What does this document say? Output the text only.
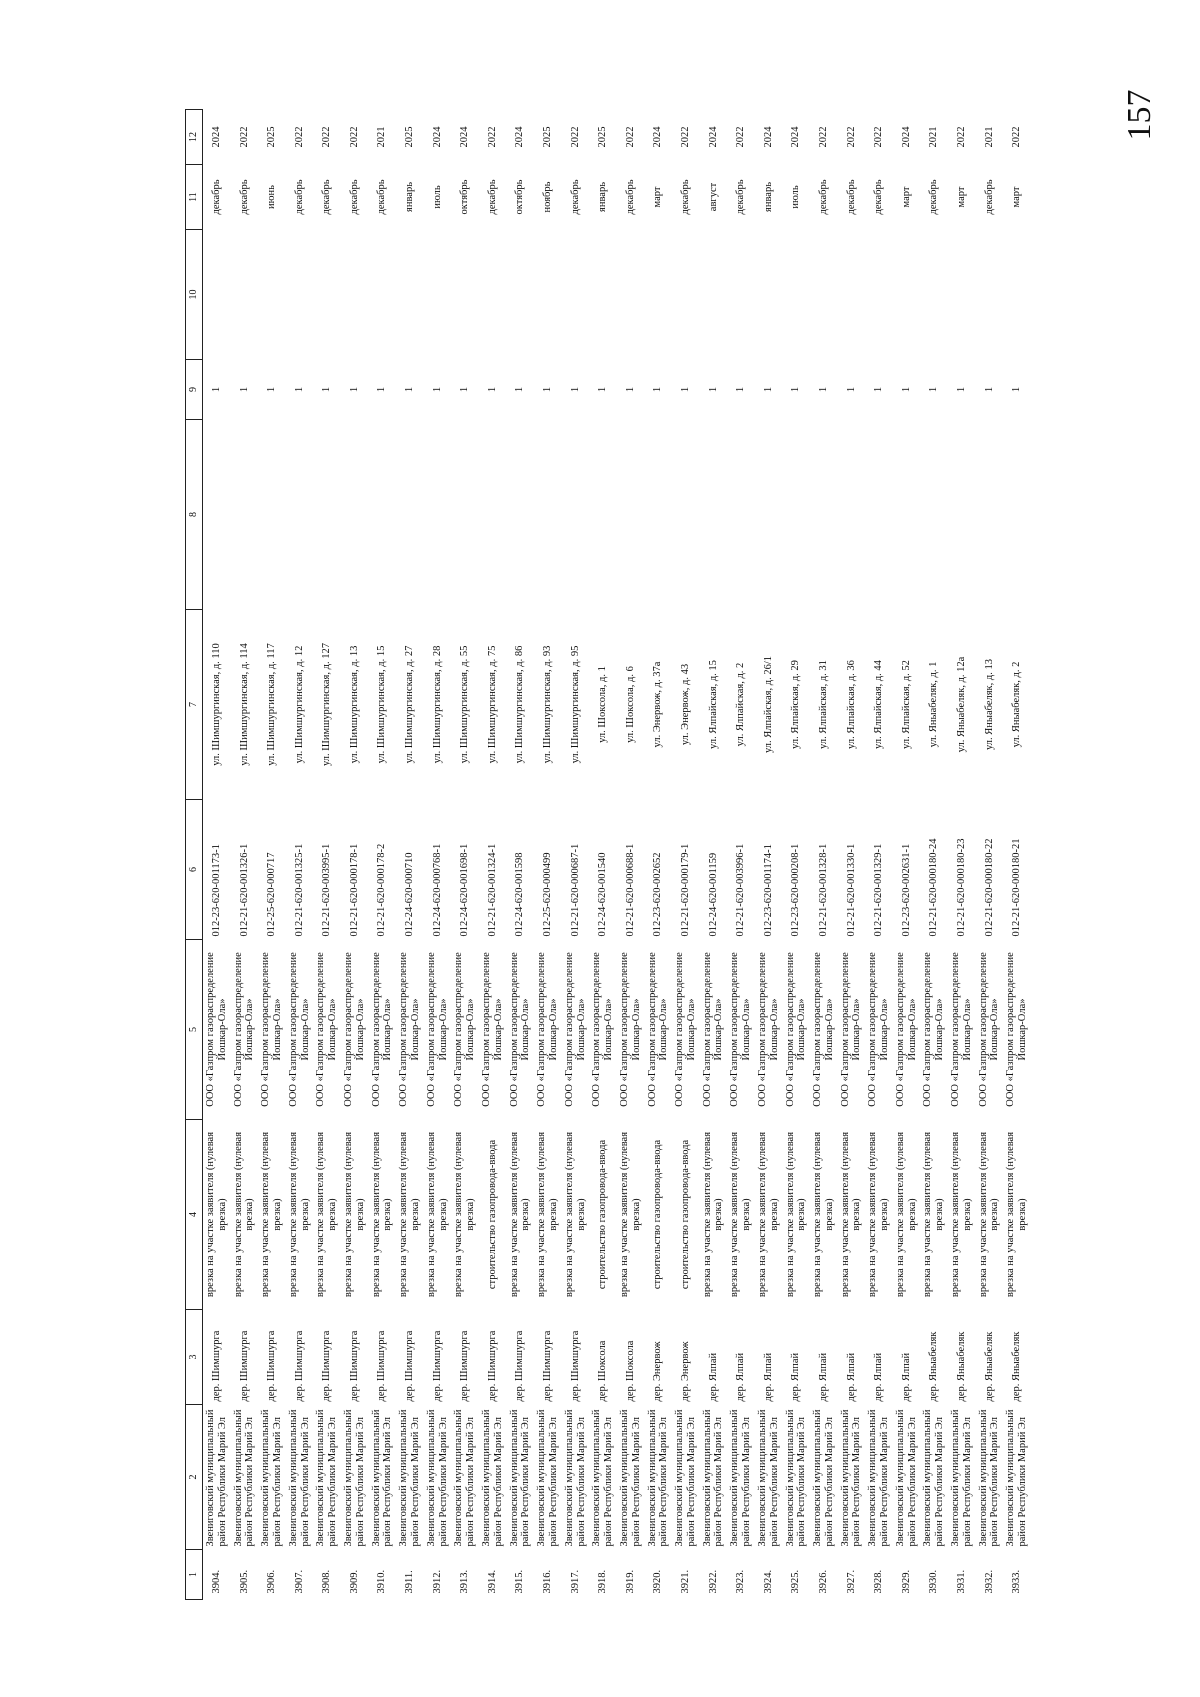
157
1	2	3	4	5	6	7	8	9	10	11	12
3904.	Звениговский муниципальный район Республики Марий Эл	дер. Шимшурга	врезка на участке заявителя (нулевая врезка)	ООО «Газпром газораспределение Йошкар-Ола»	012-23-620-001173-1	ул. Шимшургинская, д. 110		1		декабрь	2024
3905.	Звениговский муниципальный район Республики Марий Эл	дер. Шимшурга	врезка на участке заявителя (нулевая врезка)	ООО «Газпром газораспределение Йошкар-Ола»	012-21-620-001326-1	ул. Шимшургинская, д. 114		1		декабрь	2022
3906.	Звениговский муниципальный район Республики Марий Эл	дер. Шимшурга	врезка на участке заявителя (нулевая врезка)	ООО «Газпром газораспределение Йошкар-Ола»	012-25-620-000717	ул. Шимшургинская, д. 117		1		июнь	2025
3907.	Звениговский муниципальный район Республики Марий Эл	дер. Шимшурга	врезка на участке заявителя (нулевая врезка)	ООО «Газпром газораспределение Йошкар-Ола»	012-21-620-001325-1	ул. Шимшургинская, д. 12		1		декабрь	2022
3908.	Звениговский муниципальный район Республики Марий Эл	дер. Шимшурга	врезка на участке заявителя (нулевая врезка)	ООО «Газпром газораспределение Йошкар-Ола»	012-21-620-003995-1	ул. Шимшургинская, д. 127		1		декабрь	2022
3909.	Звениговский муниципальный район Республики Марий Эл	дер. Шимшурга	врезка на участке заявителя (нулевая врезка)	ООО «Газпром газораспределение Йошкар-Ола»	012-21-620-000178-1	ул. Шимшургинская, д. 13		1		декабрь	2022
3910.	Звениговский муниципальный район Республики Марий Эл	дер. Шимшурга	врезка на участке заявителя (нулевая врезка)	ООО «Газпром газораспределение Йошкар-Ола»	012-21-620-000178-2	ул. Шимшургинская, д. 15		1		декабрь	2021
3911.	Звениговский муниципальный район Республики Марий Эл	дер. Шимшурга	врезка на участке заявителя (нулевая врезка)	ООО «Газпром газораспределение Йошкар-Ола»	012-24-620-000710	ул. Шимшургинская, д. 27		1		январь	2025
3912.	Звениговский муниципальный район Республики Марий Эл	дер. Шимшурга	врезка на участке заявителя (нулевая врезка)	ООО «Газпром газораспределение Йошкар-Ола»	012-24-620-000768-1	ул. Шимшургинская, д. 28		1		июль	2024
3913.	Звениговский муниципальный район Республики Марий Эл	дер. Шимшурга	врезка на участке заявителя (нулевая врезка)	ООО «Газпром газораспределение Йошкар-Ола»	012-24-620-001698-1	ул. Шимшургинская, д. 55		1		октябрь	2024
3914.	Звениговский муниципальный район Республики Марий Эл	дер. Шимшурга	строительство газопровода-ввода	ООО «Газпром газораспределение Йошкар-Ола»	012-21-620-001324-1	ул. Шимшургинская, д. 75		1		декабрь	2022
3915.	Звениговский муниципальный район Республики Марий Эл	дер. Шимшурга	врезка на участке заявителя (нулевая врезка)	ООО «Газпром газораспределение Йошкар-Ола»	012-24-620-001598	ул. Шимшургинская, д. 86		1		октябрь	2024
3916.	Звениговский муниципальный район Республики Марий Эл	дер. Шимшурга	врезка на участке заявителя (нулевая врезка)	ООО «Газпром газораспределение Йошкар-Ола»	012-25-620-000499	ул. Шимшургинская, д. 93		1		ноябрь	2025
3917.	Звениговский муниципальный район Республики Марий Эл	дер. Шимшурга	врезка на участке заявителя (нулевая врезка)	ООО «Газпром газораспределение Йошкар-Ола»	012-21-620-000687-1	ул. Шимшургинская, д. 95		1		декабрь	2022
3918.	Звениговский муниципальный район Республики Марий Эл	дер. Шоксола	строительство газопровода-ввода	ООО «Газпром газораспределение Йошкар-Ола»	012-24-620-001540	ул. Шоксола, д. 1		1		январь	2025
3919.	Звениговский муниципальный район Республики Марий Эл	дер. Шоксола	врезка на участке заявителя (нулевая врезка)	ООО «Газпром газораспределение Йошкар-Ола»	012-21-620-000688-1	ул. Шоксола, д. 6		1		декабрь	2022
3920.	Звениговский муниципальный район Республики Марий Эл	дер. Энервож	строительство газопровода-ввода	ООО «Газпром газораспределение Йошкар-Ола»	012-23-620-002652	ул. Энервож, д. 37а		1		март	2024
3921.	Звениговский муниципальный район Республики Марий Эл	дер. Энервож	строительство газопровода-ввода	ООО «Газпром газораспределение Йошкар-Ола»	012-21-620-000179-1	ул. Энервож, д. 43		1		декабрь	2022
3922.	Звениговский муниципальный район Республики Марий Эл	дер. Ялпай	врезка на участке заявителя (нулевая врезка)	ООО «Газпром газораспределение Йошкар-Ола»	012-24-620-001159	ул. Ялпайская, д. 15		1		август	2024
3923.	Звениговский муниципальный район Республики Марий Эл	дер. Ялпай	врезка на участке заявителя (нулевая врезка)	ООО «Газпром газораспределение Йошкар-Ола»	012-21-620-003996-1	ул. Ялпайская, д. 2		1		декабрь	2022
3924.	Звениговский муниципальный район Республики Марий Эл	дер. Ялпай	врезка на участке заявителя (нулевая врезка)	ООО «Газпром газораспределение Йошкар-Ола»	012-23-620-001174-1	ул. Ялпайская, д. 26/1		1		январь	2024
3925.	Звениговский муниципальный район Республики Марий Эл	дер. Ялпай	врезка на участке заявителя (нулевая врезка)	ООО «Газпром газораспределение Йошкар-Ола»	012-23-620-000208-1	ул. Ялпайская, д. 29		1		июль	2024
3926.	Звениговский муниципальный район Республики Марий Эл	дер. Ялпай	врезка на участке заявителя (нулевая врезка)	ООО «Газпром газораспределение Йошкар-Ола»	012-21-620-001328-1	ул. Ялпайская, д. 31		1		декабрь	2022
3927.	Звениговский муниципальный район Республики Марий Эл	дер. Ялпай	врезка на участке заявителя (нулевая врезка)	ООО «Газпром газораспределение Йошкар-Ола»	012-21-620-001330-1	ул. Ялпайская, д. 36		1		декабрь	2022
3928.	Звениговский муниципальный район Республики Марий Эл	дер. Ялпай	врезка на участке заявителя (нулевая врезка)	ООО «Газпром газораспределение Йошкар-Ола»	012-21-620-001329-1	ул. Ялпайская, д. 44		1		декабрь	2022
3929.	Звениговский муниципальный район Республики Марий Эл	дер. Ялпай	врезка на участке заявителя (нулевая врезка)	ООО «Газпром газораспределение Йошкар-Ола»	012-23-620-002631-1	ул. Ялпайская, д. 52		1		март	2024
3930.	Звениговский муниципальный район Республики Марий Эл	дер. Яныабеляк	врезка на участке заявителя (нулевая врезка)	ООО «Газпром газораспределение Йошкар-Ола»	012-21-620-000180-24	ул. Яныабеляк, д. 1		1		декабрь	2021
3931.	Звениговский муниципальный район Республики Марий Эл	дер. Яныабеляк	врезка на участке заявителя (нулевая врезка)	ООО «Газпром газораспределение Йошкар-Ола»	012-21-620-000180-23	ул. Яныабеляк, д. 12а		1		март	2022
3932.	Звениговский муниципальный район Республики Марий Эл	дер. Яныабеляк	врезка на участке заявителя (нулевая врезка)	ООО «Газпром газораспределение Йошкар-Ола»	012-21-620-000180-22	ул. Яныабеляк, д. 13		1		декабрь	2021
3933.	Звениговский муниципальный район Республики Марий Эл	дер. Яныабеляк	врезка на участке заявителя (нулевая врезка)	ООО «Газпром газораспределение Йошкар-Ола»	012-21-620-000180-21	ул. Яныабеляк, д. 2		1		март	2022
